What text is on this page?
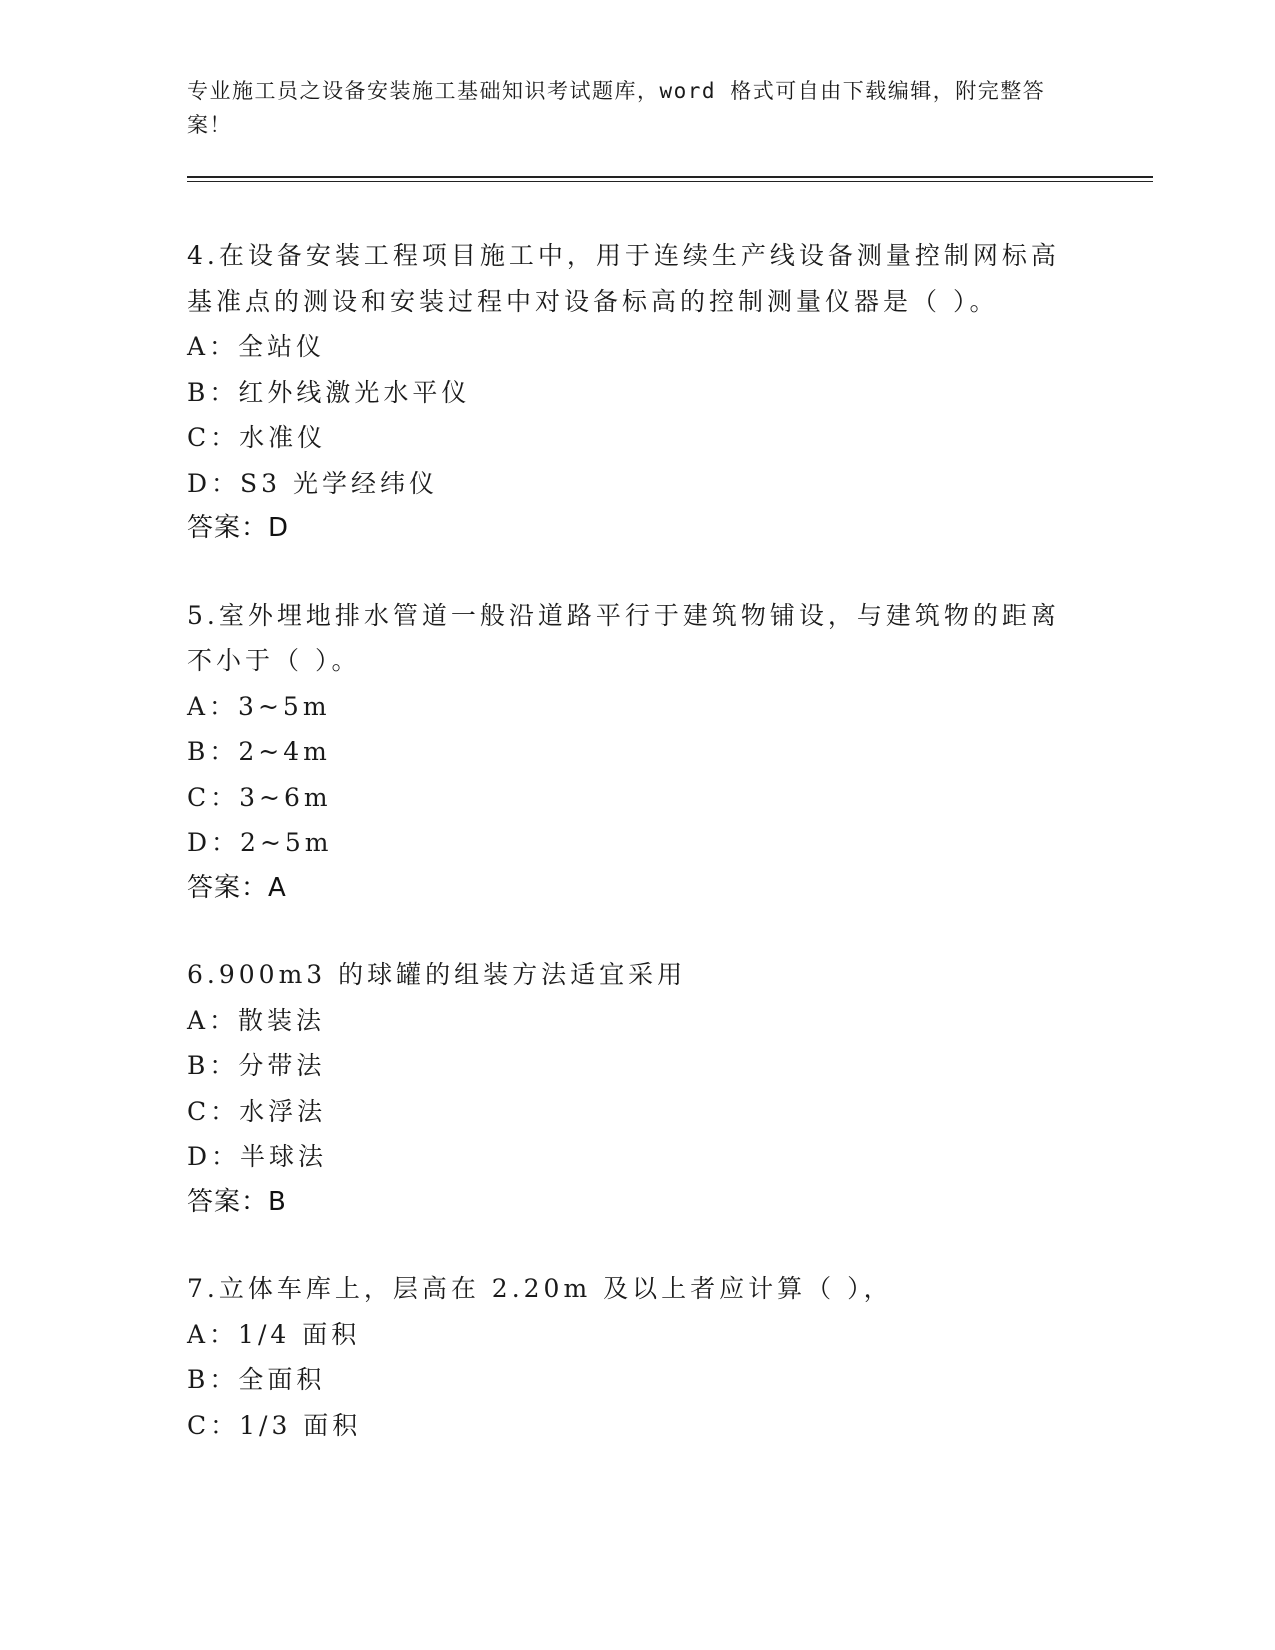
专业施工员之设备安装施工基础知识考试题库，word 格式可自由下载编辑，附完整答案！
4.在设备安装工程项目施工中，用于连续生产线设备测量控制网标高基准点的测设和安装过程中对设备标高的控制测量仪器是（ ）。
A：全站仪
B：红外线激光水平仪
C：水准仪
D：S3 光学经纬仪
答案：D
5.室外埋地排水管道一般沿道路平行于建筑物铺设，与建筑物的距离不小于（ ）。
A：3~5m
B：2~4m
C：3~6m
D：2~5m
答案：A
6.900m3 的球罐的组装方法适宜采用
A：散装法
B：分带法
C：水浮法
D：半球法
答案：B
7.立体车库上，层高在 2.20m 及以上者应计算（ ），
A：1/4 面积
B：全面积
C：1/3 面积
